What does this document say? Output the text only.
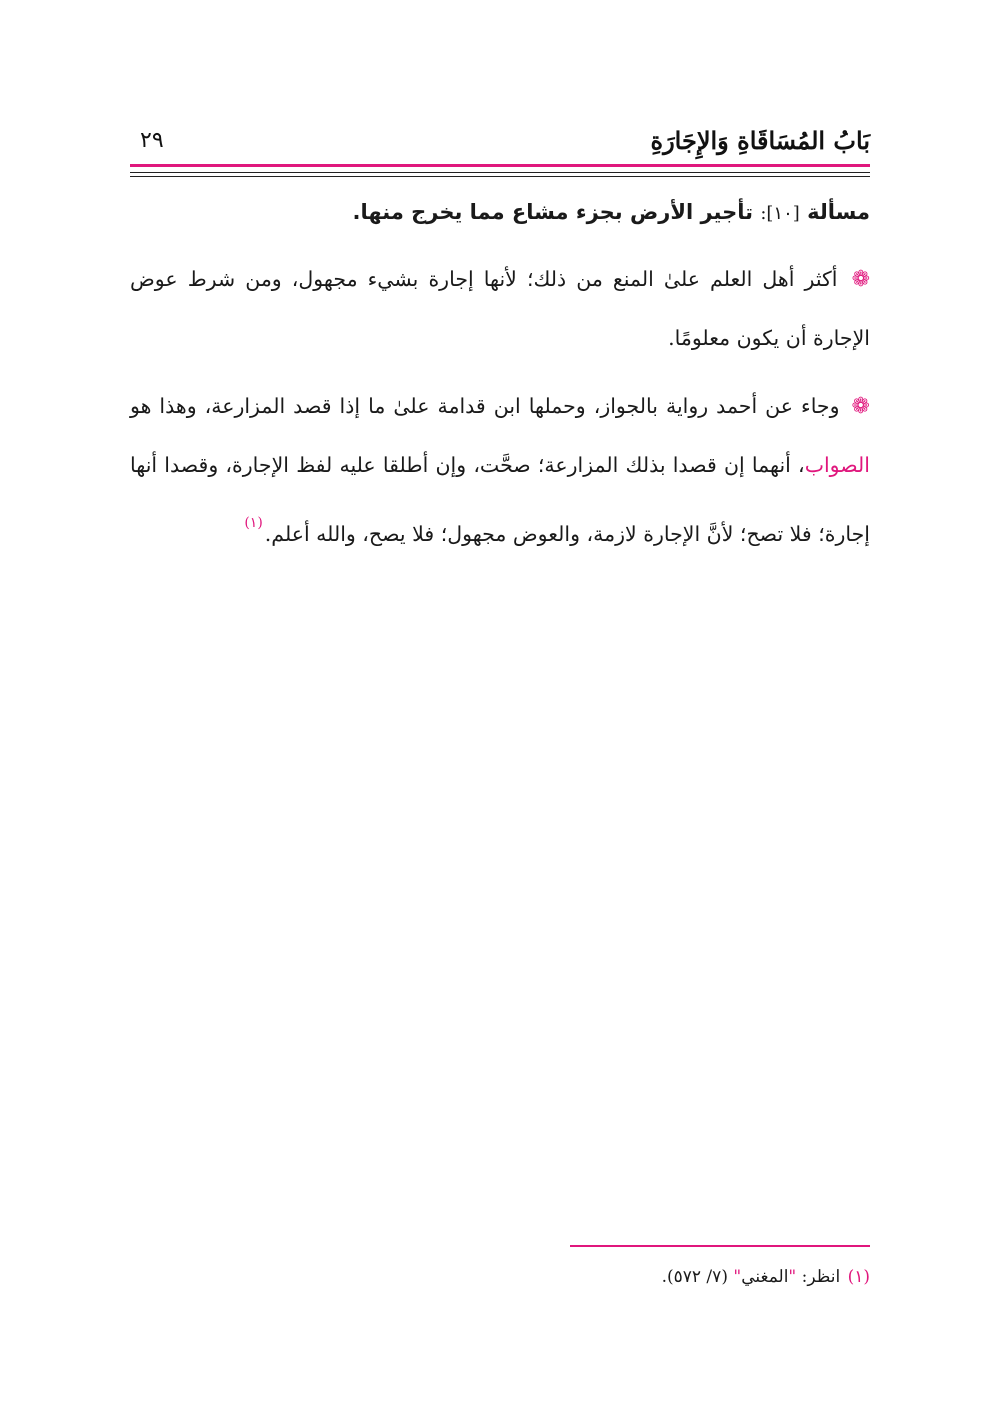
بَابُ المُسَاقَاةِ وَالإِجَارَةِ
٢٩
مسألة [١٠]: تأجير الأرض بجزء مشاع مما يخرج منها.

❁ أكثر أهل العلم علىٰ المنع من ذلك؛ لأنها إجارة بشيء مجهول، ومن شرط عوض الإجارة أن يكون معلومًا.

❁ وجاء عن أحمد رواية بالجواز، وحملها ابن قدامة علىٰ ما إذا قصد المزارعة، وهذا هو الصواب، أنهما إن قصدا بذلك المزارعة؛ صحَّت، وإن أطلقا عليه لفظ الإجارة، وقصدا أنها إجارة؛ فلا تصح؛ لأنَّ الإجارة لازمة، والعوض مجهول؛ فلا يصح، والله أعلم.$^{(١)}$

(١) انظر: "المغني" (٧/ ٥٧٢).
